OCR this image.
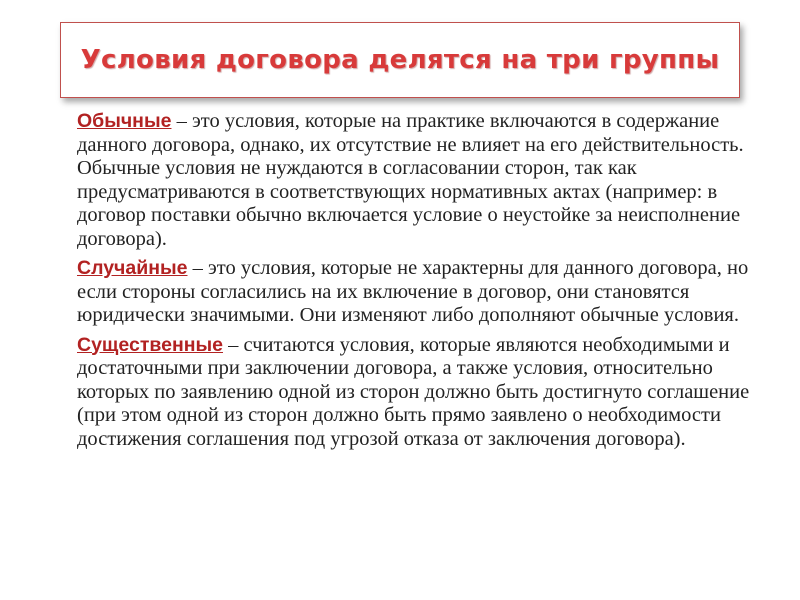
Условия договора делятся на три группы

Обычные – это условия, которые на практике включаются в содержание данного договора, однако, их отсутствие не влияет на его действительность. Обычные условия не нуждаются в согласовании сторон, так как предусматриваются в соответствующих нормативных актах (например: в договор поставки обычно включается условие о неустойке за неисполнение договора).

Случайные – это условия, которые не характерны для данного договора, но если стороны согласились на их включение в договор, они становятся юридически значимыми. Они изменяют либо дополняют обычные условия.

Существенные – считаются условия, которые являются необходимыми и достаточными при заключении договора, а также условия, относительно которых по заявлению одной из сторон должно быть достигнуто соглашение (при этом одной из сторон должно быть прямо заявлено о необходимости достижения соглашения под угрозой отказа от заключения договора).
